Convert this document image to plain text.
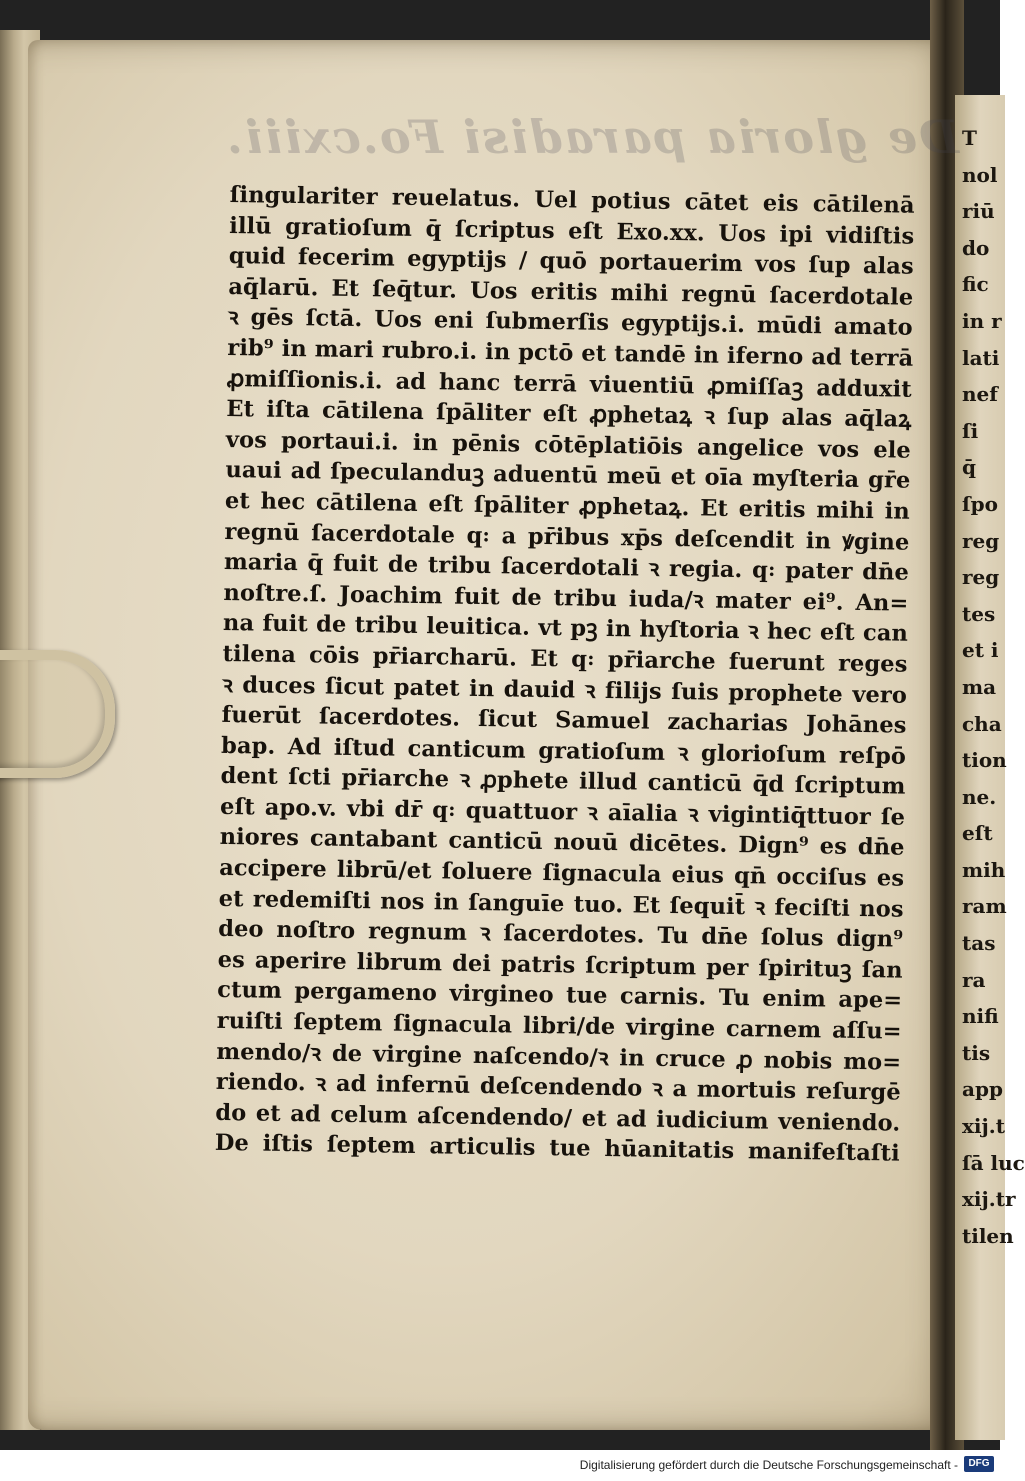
De gloria paradisi Fo.cxiii.
ſingulariter reuelatus. Uel potius cātet eis cātilenā
illū gratioſum q̄ ſcriptus eſt Exo.xx. Uos ipi vidiſtis
quid fecerim egyptijs / quō portauerim vos ſup alas
aq̄larū. Et ſeq̄tur. Uos eritis mihi regnū ſacerdotale
ꝛ gēs ſctā. Uos eni ſubmerſis egyptijs.i. mūdi amato
rib⁹ in mari rubro.i. in pctō et tandē in iferno ad terrā
ꝓmiſſionis.i. ad hanc terrā viuentiū ꝓmiſſaꝫ adduxit
Et iſta cātilena ſpāliter eſt ꝓphetaꝝ ꝛ ſup alas aq̄laꝝ
vos portaui.i. in pēnis cōtēplatiōis angelice vos ele
uaui ad ſpeculanduꝫ aduentū meū et oīa myſteria gr̄e
et hec cātilena eſt ſpāliter ꝓphetaꝝ. Et eritis mihi in
regnū ſacerdotale q꞉ a pr̄ibus xp̄s deſcendit in ꝟgine
maria q̄ fuit de tribu ſacerdotali ꝛ regia. q꞉ pater dn̄e
noſtre.ſ. Joachim fuit de tribu iuda/ꝛ mater ei⁹. An=
na fuit de tribu leuitica. vt pꝫ in hyſtoria ꝛ hec eſt can
tilena cōis pr̄iarcharū. Et q꞉ pr̄iarche fuerunt reges
ꝛ duces ſicut patet in dauid ꝛ filijs ſuis prophete vero
fuerūt ſacerdotes. ſicut Samuel zacharias Johānes
bap. Ad iſtud canticum gratioſum ꝛ glorioſum reſpō
dent ſcti pr̄iarche ꝛ ꝓphete illud canticū q̄d ſcriptum
eſt apo.v. vbi dr̄ q꞉ quattuor ꝛ aīalia ꝛ vigintiq̄ttuor ſe
niores cantabant canticū nouū dicētes. Dign⁹ es dn̄e
accipere librū/et ſoluere ſignacula eius qn̄ occiſus es
et redemiſti nos in ſanguīe tuo. Et ſequit̄ ꝛ feciſti nos
deo noſtro regnum ꝛ ſacerdotes. Tu dn̄e ſolus dign⁹
es aperire librum dei patris ſcriptum per ſpirituꝫ ſan
ctum pergameno virgineo tue carnis. Tu enim ape=
ruiſti ſeptem ſignacula libri/de virgine carnem aſſu=
mendo/ꝛ de virgine naſcendo/ꝛ in cruce ꝓ nobis mo=
riendo. ꝛ ad infernū deſcendendo ꝛ a mortuis reſurgē
do et ad celum aſcendendo/ et ad iudicium veniendo.
De iſtis ſeptem articulis tue hūanitatis manifeſtaſti
T
nol
riū
do
fic
in r
lati
nef
ſi
q̄
ſpo
reg
reg
tes
et i
ma
cha
tion
ne.
eſt
mih
ram
tas
ra
nifi
tis
app
xij.t
ſā luc
xij.tr
tilen
Digitalisierung gefördert durch die Deutsche Forschungsgemeinschaft -	DFG
